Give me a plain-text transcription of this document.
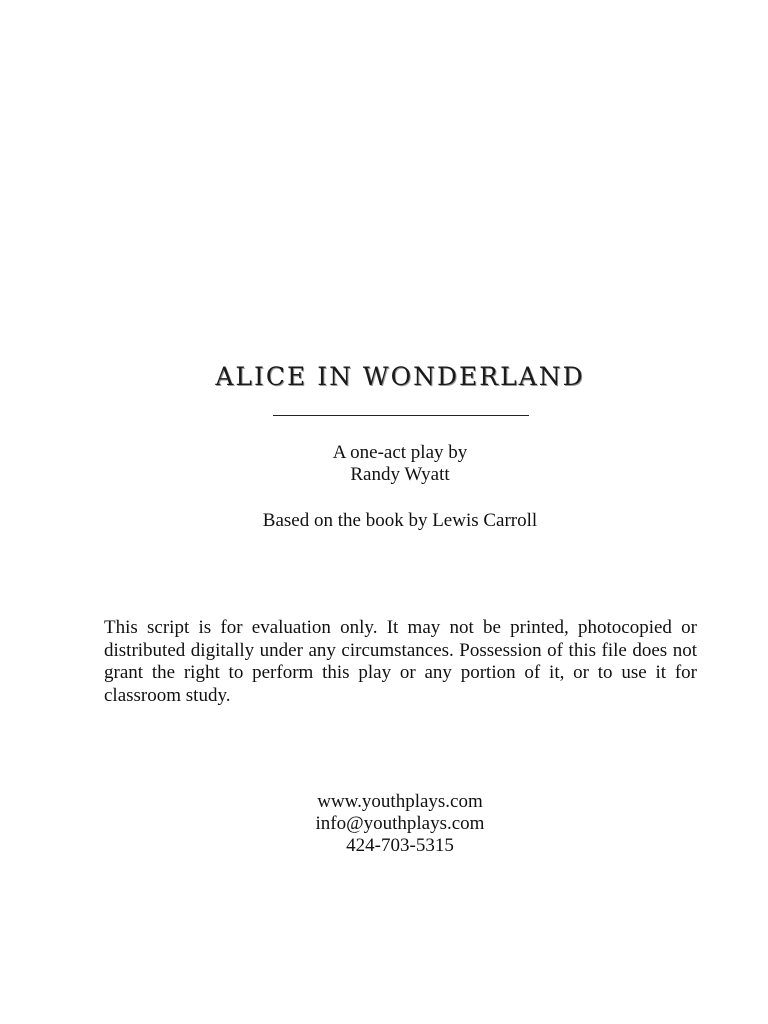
ALICE IN WONDERLAND
A one-act play by
Randy Wyatt
Based on the book by Lewis Carroll

This script is for evaluation only. It may not be printed, photocopied or distributed digitally under any circumstances. Possession of this file does not grant the right to perform this play or any portion of it, or to use it for classroom study.

www.youthplays.com
info@youthplays.com
424-703-5315
